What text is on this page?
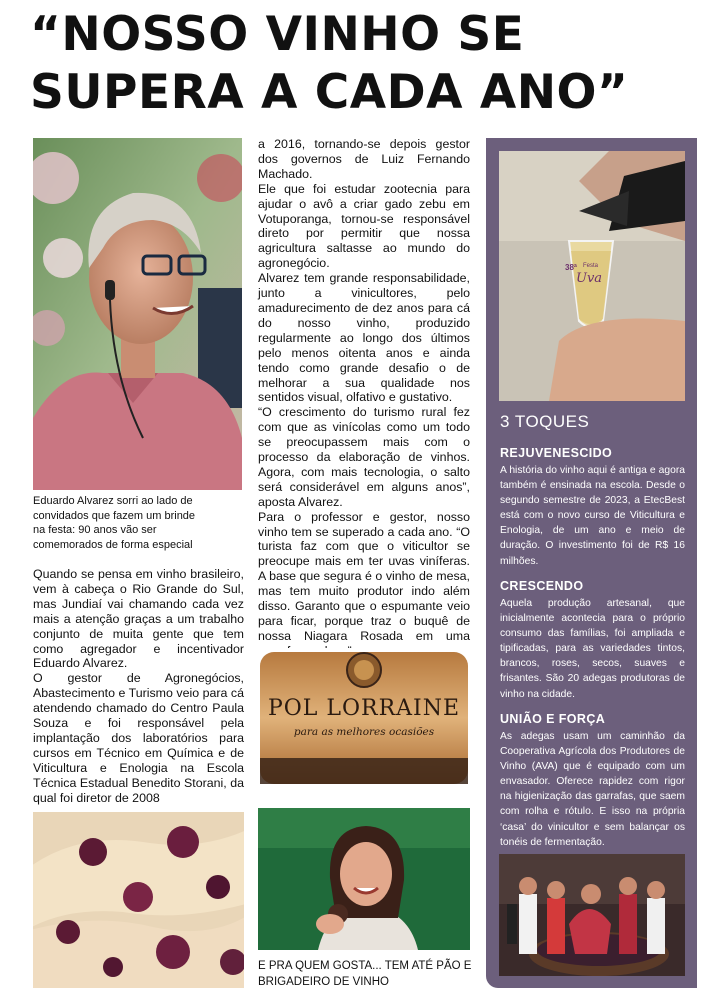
“NOSSO VINHO SE SUPERA A CADA ANO”

Eduardo Alvarez sorri ao lado de convidados que fazem um brinde na festa: 90 anos vão ser comemorados de forma especial

Quando se pensa em vinho brasileiro, vem à cabeça o Rio Grande do Sul, mas Jundiaí vai chamando cada vez mais a atenção graças a um trabalho conjunto de muita gente que tem como agregador e incentivador Eduardo Alvarez.

O gestor de Agronegócios, Abastecimento e Turismo veio para cá atendendo chamado do Centro Paula Souza e foi responsável pela implantação dos laboratórios para cursos em Técnico em Química e de Viticultura e Enologia na Escola Técnica Estadual Benedito Storani, da qual foi diretor de 2008

a 2016, tornando-se depois gestor dos governos de Luiz Fernando Machado.

Ele que foi estudar zootecnia para ajudar o avô a criar gado zebu em Votuporanga, tornou-se responsável direto por permitir que nossa agricultura saltasse ao mundo do agronegócio.

Alvarez tem grande responsabilidade, junto a vinicultores, pelo amadurecimento de dez anos para cá do nosso vinho, produzido regularmente ao longo dos últimos pelo menos oitenta anos e ainda tendo como grande desafio o de melhorar a sua qualidade nos sentidos visual, olfativo e gustativo.

“O crescimento do turismo rural fez com que as vinícolas como um todo se preocupassem mais com o processo da elaboração de vinhos. Agora, com mais tecnologia, o salto será considerável em alguns anos”, aposta Alvarez.

Para o professor e gestor, nosso vinho tem se superado a cada ano. “O turista faz com que o viticultor se preocupe mais em ter uvas viníferas. A base que segura é o vinho de mesa, mas tem muito produtor indo além disso. Garanto que o espumante veio para ficar, porque traz o buquê de nossa Niagara Rosada em uma

POL LORRAINE
para as melhores ocasiões

E PRA QUEM GOSTA... TEM ATÉ PÃO E BRIGADEIRO DE VINHO

38ª Festa
Uva
3 TOQUES
REJUVENESCIDO

A história do vinho aqui é antiga e agora também é ensinada na escola. Desde o segundo semestre de 2023, a EtecBest está com o novo curso de Viticultura e Enologia, de um ano e meio de duração. O investimento foi de R$ 16 milhões.

CRESCENDO

Aquela produção artesanal, que inicialmente acontecia para o próprio consumo das famílias, foi ampliada e tipificadas, para as variedades tintos, brancos, roses, secos, suaves e frisantes. São 20 adegas produtoras de vinho na cidade.

UNIÃO E FORÇA

As adegas usam um caminhão da Cooperativa Agrícola dos Produtores de Vinho (AVA) que é equipado com um envasador. Oferece rapidez com rigor na higienização das garrafas, que saem com rolha e rótulo. E isso na própria ‘casa’ do vinicultor e sem balançar os tonéis de fermentação.
